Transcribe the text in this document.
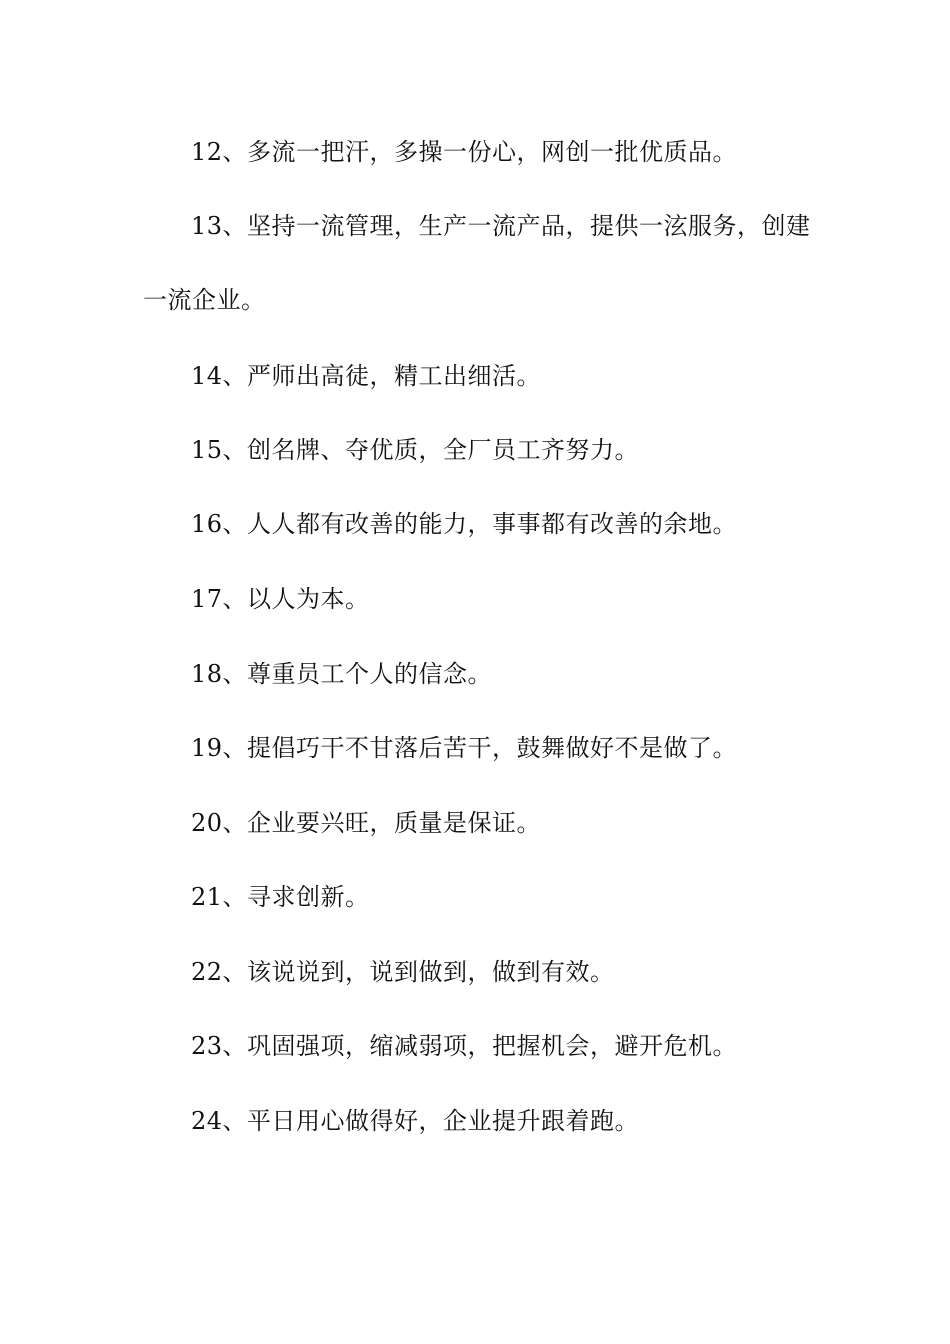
12、多流一把汗，多操一份心，网创一批优质品。

13、坚持一流管理，生产一流产品，提供一泫服务，创建

一流企业。

14、严师出高徒，精工出细活。

15、创名牌、夺优质，全厂员工齐努力。

16、人人都有改善的能力，事事都有改善的余地。

17、以人为本。

18、尊重员工个人的信念。

19、提倡巧干不甘落后苦干，鼓舞做好不是做了。

20、企业要兴旺，质量是保证。

21、寻求创新。

22、该说说到，说到做到，做到有效。

23、巩固强项，缩减弱项，把握机会，避开危机。

24、平日用心做得好，企业提升跟着跑。
